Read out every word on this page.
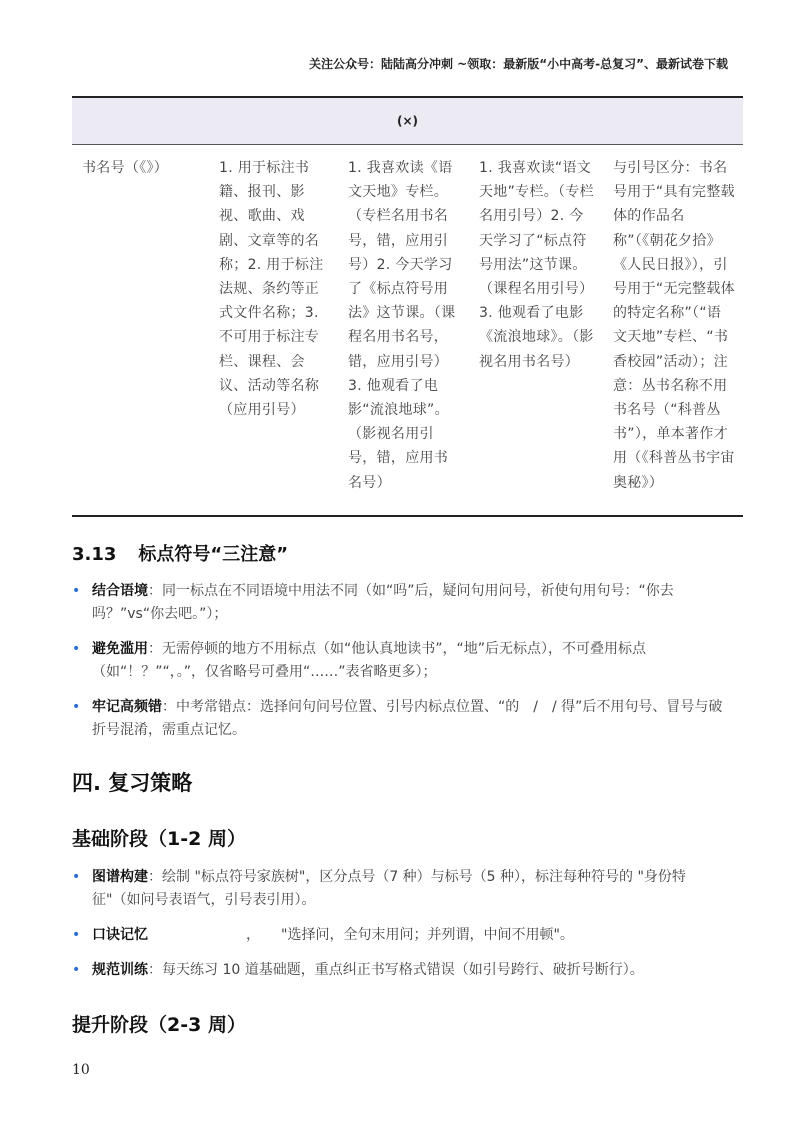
关注公众号：陆陆高分冲刺 ~领取：最新版“小中高考-总复习”、最新试卷下载
(×)
书名号（《》）	1. 用于标注书籍、报刊、影视、歌曲、戏剧、文章等的名称；2. 用于标注法规、条约等正式文件名称；3. 不可用于标注专栏、课程、会议、活动等名称（应用引号）
1. 我喜欢读《语文天地》专栏。（专栏名用书名号，错，应用引号）2. 今天学习了《标点符号用法》这节课。（课程名用书名号，错，应用引号）3. 他观看了电影“流浪地球”。（影视名用引号，错，应用书名号）
1. 我喜欢读“语文天地”专栏。（专栏名用引号）2. 今天学习了“标点符号用法”这节课。（课程名用引号）3. 他观看了电影《流浪地球》。（影视名用书名号）
与引号区分：书名号用于“具有完整载体的作品名称”（《朝花夕拾》《人民日报》），引号用于“无完整载体的特定名称”（“语文天地”专栏、“书香校园”活动）；注意：丛书名称不用书名号（“科普丛书”），单本著作才用（《科普丛书宇宙奥秘》）
3.13 标点符号“三注意”
• 结合语境：同一标点在不同语境中用法不同（如“吗”后，疑问句用问号，祈使句用句号：“你去吗？”vs“你去吧。”）；
• 避免滥用：无需停顿的地方不用标点（如“他认真地读书”，“地”后无标点），不可叠用标点（如“！？”“，。”，仅省略号可叠用“……”表省略更多）；
• 牢记高频错：中考常错点：选择问句问号位置、引号内标点位置、“的　/　/ 得”后不用句号、冒号与破折号混淆，需重点记忆。
四. 复习策略
基础阶段（1-2 周）
• 图谱构建：绘制 "标点符号家族树"，区分点号（7 种）与标号（5 种），标注每种符号的 "身份特征"（如问号表语气，引号表引用）。
• 口诀记忆　　　　　　　，　　"选择问，全句末用问；并列谓，中间不用顿"。
• 规范训练：每天练习 10 道基础题，重点纠正书写格式错误（如引号跨行、破折号断行）。
提升阶段（2-3 周）
10
